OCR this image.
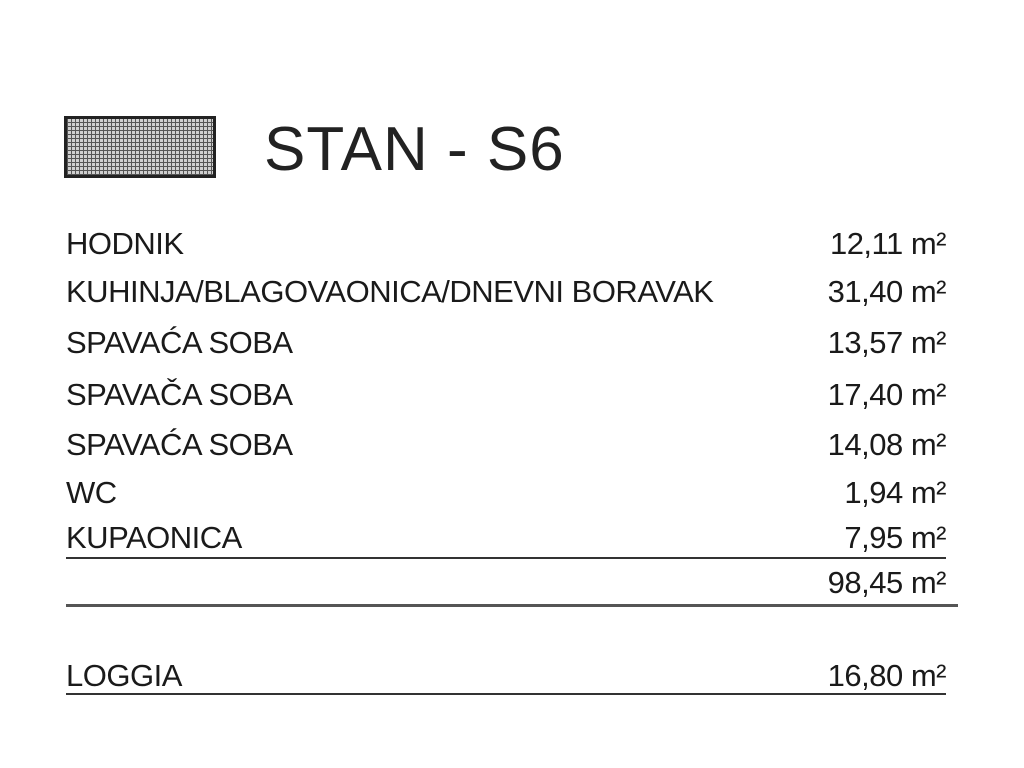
STAN - S6
HODNIK	12,11 m²
KUHINJA/BLAGOVAONICA/DNEVNI BORAVAK	31,40 m²
SPAVAĆA SOBA	13,57 m²
SPAVAČA SOBA	17,40 m²
SPAVAĆA SOBA	14,08 m²
WC	1,94 m²
KUPAONICA	7,95 m²
98,45 m²
LOGGIA	16,80 m²
